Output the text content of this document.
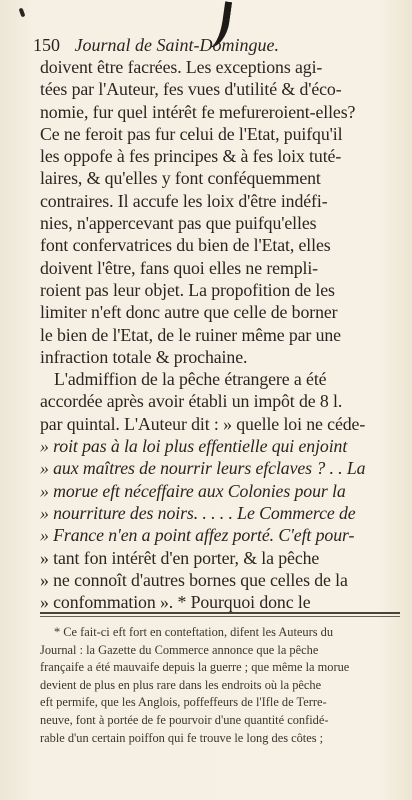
150 Journal de Saint-Domingue.
doivent être facrées. Les exceptions agi-
tées par l'Auteur, fes vues d'utilité & d'éco-
nomie, fur quel intérêt fe mefureroient-elles?
Ce ne feroit pas fur celui de l'Etat, puifqu'il
les oppofe à fes principes & à fes loix tuté-
laires, & qu'elles y font conféquemment
contraires. Il accufe les loix d'être indéfi-
nies, n'appercevant pas que puifqu'elles
font confervatrices du bien de l'Etat, elles
doivent l'être, fans quoi elles ne rempli-
roient pas leur objet. La propofition de les
limiter n'eft donc autre que celle de borner
le bien de l'Etat, de le ruiner même par une
infraction totale & prochaine.
L'admiffion de la pêche étrangere a été
accordée après avoir établi un impôt de 8 l.
par quintal. L'Auteur dit : » quelle loi ne céde-
» roit pas à la loi plus effentielle qui enjoint
» aux maîtres de nourrir leurs efclaves ? . . La
» morue eft néceffaire aux Colonies pour la
» nourriture des noirs. . . . . Le Commerce de
» France n'en a point affez porté. C'eft pour-
» tant fon intérêt d'en porter, & la pêche
» ne connoît d'autres bornes que celles de la
» confommation ». * Pourquoi donc le
* Ce fait-ci eft fort en conteftation, difent les Auteurs du
Journal : la Gazette du Commerce annonce que la pêche
françaife a été mauvaife depuis la guerre ; que même la morue
devient de plus en plus rare dans les endroits où la pêche
eft permife, que les Anglois, poffeffeurs de l'Ifle de Terre-
neuve, font à portée de fe pourvoir d'une quantité confidé-
rable d'un certain poiffon qui fe trouve le long des côtes ;
